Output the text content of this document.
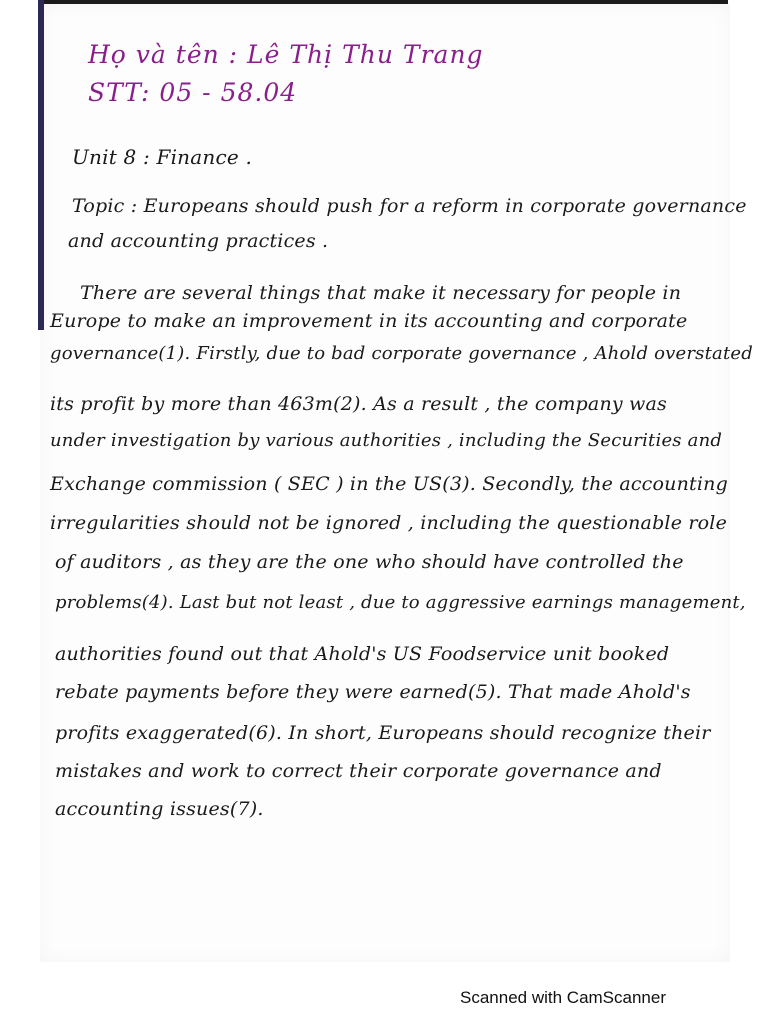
Họ và tên : Lê Thị Thu Trang
STT: 05 - 58.04
Unit 8 : Finance .
Topic : Europeans should push for a reform in corporate governance
and accounting practices .
There are several things that make it necessary for people in
Europe to make an improvement in its accounting and corporate
governance(1). Firstly, due to bad corporate governance , Ahold overstated
its profit by more than 463m(2). As a result , the company was
under investigation by various authorities , including the Securities and
Exchange commission ( SEC ) in the US(3). Secondly, the accounting
irregularities should not be ignored , including the questionable role
of auditors , as they are the one who should have controlled the
problems(4). Last but not least , due to aggressive earnings management,
authorities found out that Ahold's US Foodservice unit booked
rebate payments before they were earned(5). That made Ahold's
profits exaggerated(6). In short, Europeans should recognize their
mistakes and work to correct their corporate governance and
accounting issues(7).
Scanned with CamScanner
